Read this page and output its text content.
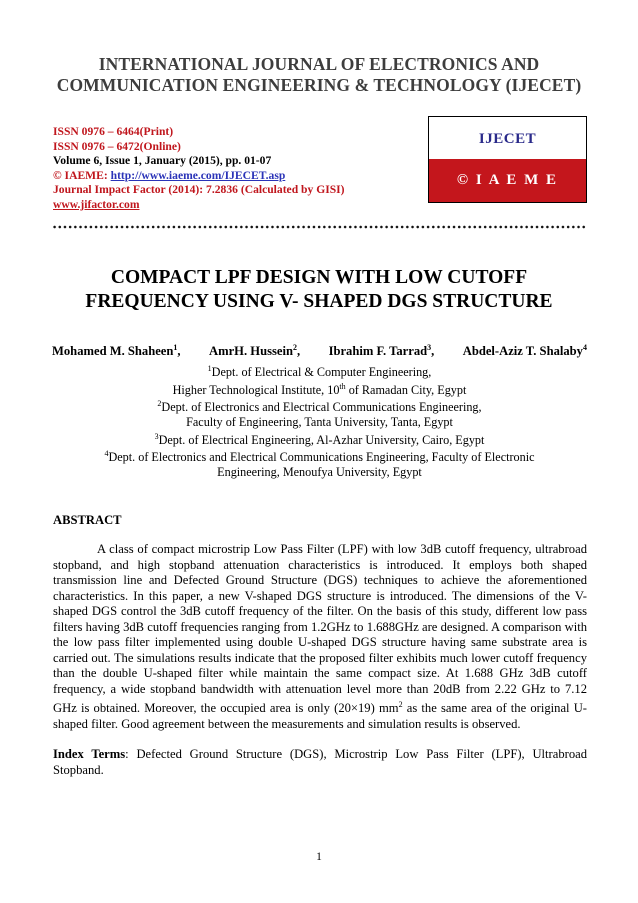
INTERNATIONAL JOURNAL OF ELECTRONICS AND
COMMUNICATION ENGINEERING & TECHNOLOGY (IJECET)
ISSN 0976 – 6464(Print)
ISSN 0976 – 6472(Online)
Volume 6, Issue 1, January (2015), pp. 01-07
© IAEME: http://www.iaeme.com/IJECET.asp
Journal Impact Factor (2014): 7.2836 (Calculated by GISI)
www.jifactor.com
IJECET
© I A E M E
COMPACT LPF DESIGN WITH LOW CUTOFF
FREQUENCY USING V- SHAPED DGS STRUCTURE
Mohamed M. Shaheen$^1$, AmrH. Hussein$^2$, Ibrahim F. Tarrad$^3$, Abdel-Aziz T. Shalaby$^4$
$^1$Dept. of Electrical & Computer Engineering,
Higher Technological Institute, 10th of Ramadan City, Egypt
$^2$Dept. of Electronics and Electrical Communications Engineering,
Faculty of Engineering, Tanta University, Tanta, Egypt
$^3$Dept. of Electrical Engineering, Al-Azhar University, Cairo, Egypt
$^4$Dept. of Electronics and Electrical Communications Engineering, Faculty of Electronic
Engineering, Menoufya University, Egypt
ABSTRACT

A class of compact microstrip Low Pass Filter (LPF) with low 3dB cutoff frequency, ultrabroad stopband, and high stopband attenuation characteristics is introduced. It employs both shaped transmission line and Defected Ground Structure (DGS) techniques to achieve the aforementioned characteristics. In this paper, a new V-shaped DGS structure is introduced. The dimensions of the V-shaped DGS control the 3dB cutoff frequency of the filter. On the basis of this study, different low pass filters having 3dB cutoff frequencies ranging from 1.2GHz to 1.688GHz are designed. A comparison with the low pass filter implemented using double U-shaped DGS structure having same substrate area is carried out. The simulations results indicate that the proposed filter exhibits much lower cutoff frequency than the double U-shaped filter while maintain the same compact size. At 1.688 GHz 3dB cutoff frequency, a wide stopband bandwidth with attenuation level more than 20dB from 2.22 GHz to 7.12 GHz is obtained. Moreover, the occupied area is only (20×19) $mm^2$ as the same area of the original U-shaped filter. Good agreement between the measurements and simulation results is observed.

Index Terms: Defected Ground Structure (DGS), Microstrip Low Pass Filter (LPF), Ultrabroad Stopband.

1
